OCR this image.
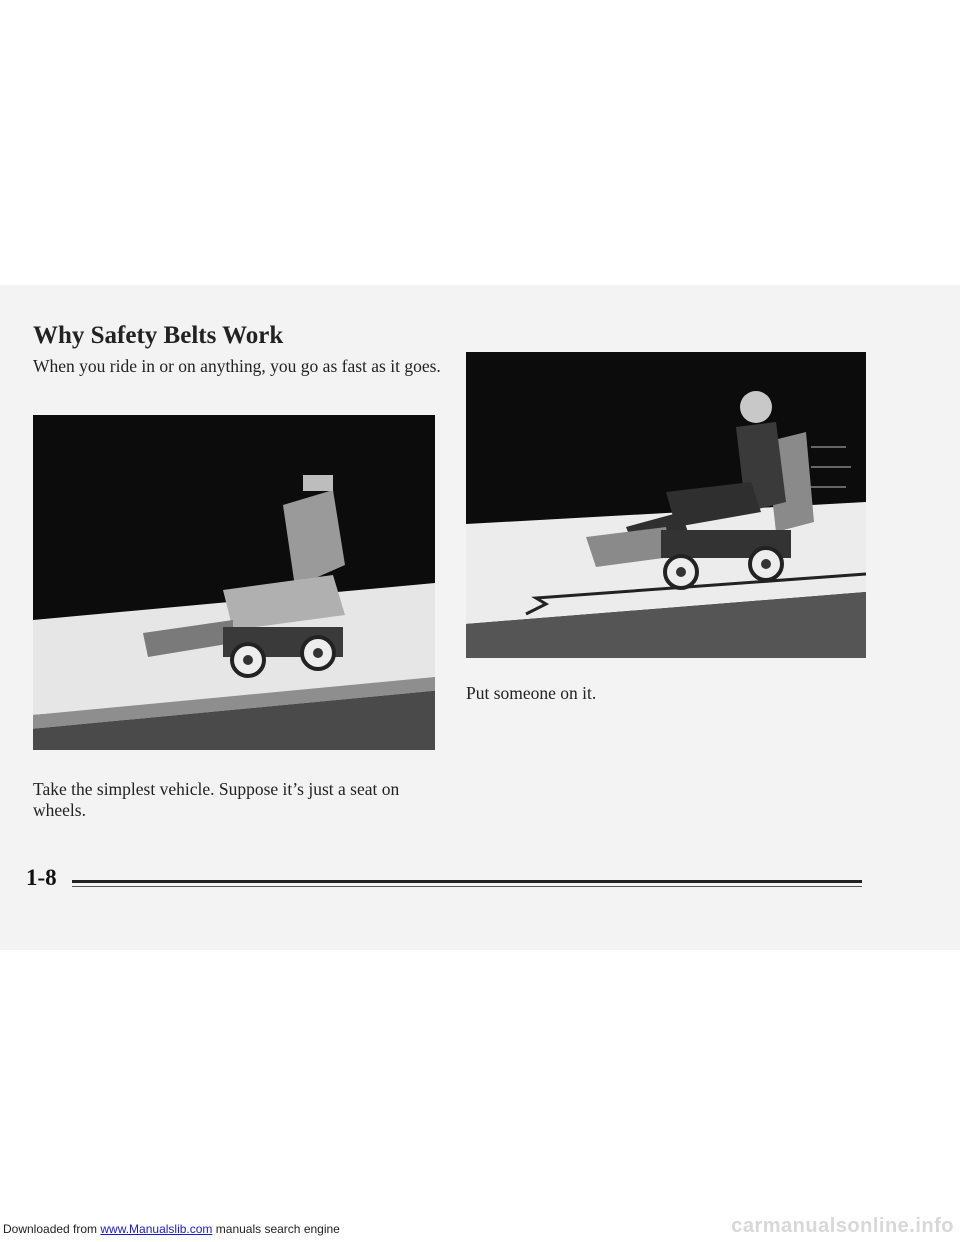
Why Safety Belts Work

When you ride in or on anything, you go as fast as it goes.

Take the simplest vehicle. Suppose it’s just a seat on wheels.

Put someone on it.

1-8

Downloaded from www.Manualslib.com manuals search engine	carmanualsonline.info
